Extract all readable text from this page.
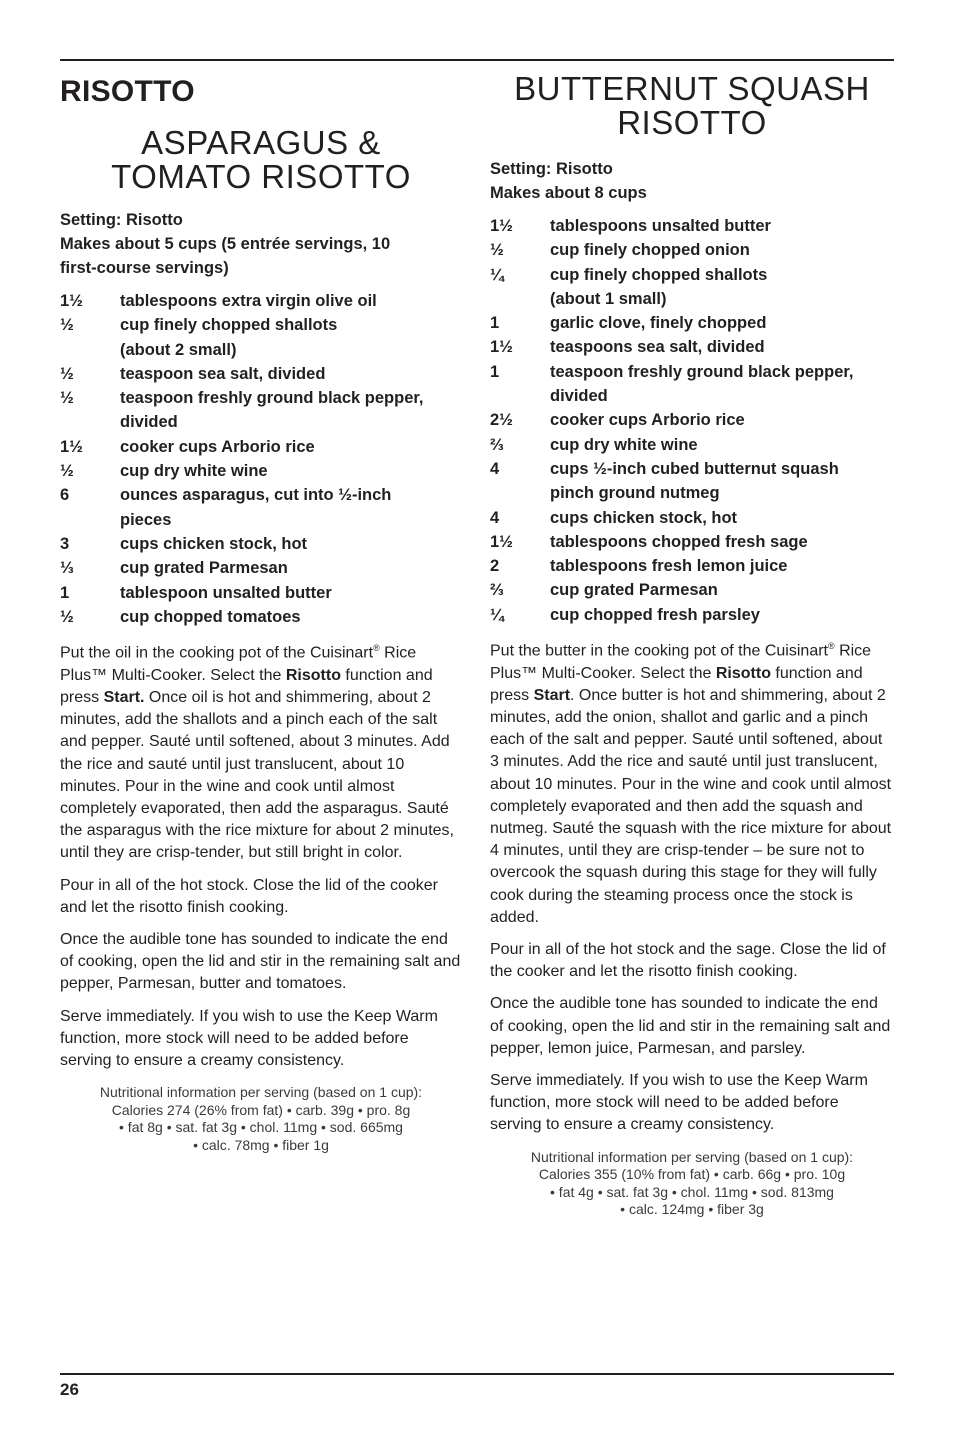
RISOTTO
ASPARAGUS & TOMATO RISOTTO
Setting: Risotto
Makes about 5 cups (5 entrée servings, 10 first-course servings)
1½	tablespoons extra virgin olive oil
½	cup finely chopped shallots (about 2 small)
½	teaspoon sea salt, divided
½	teaspoon freshly ground black pepper, divided
1½	cooker cups Arborio rice
½	cup dry white wine
6	ounces asparagus, cut into ½-inch pieces
3	cups chicken stock, hot
⅓	cup grated Parmesan
1	tablespoon unsalted butter
½	cup chopped tomatoes

Put the oil in the cooking pot of the Cuisinart® Rice Plus™ Multi-Cooker. Select the Risotto function and press Start. Once oil is hot and shimmering, about 2 minutes, add the shallots and a pinch each of the salt and pepper. Sauté until softened, about 3 minutes. Add the rice and sauté until just translucent, about 10 minutes. Pour in the wine and cook until almost completely evaporated, then add the asparagus. Sauté the asparagus with the rice mixture for about 2 minutes, until they are crisp-tender, but still bright in color.

Pour in all of the hot stock. Close the lid of the cooker and let the risotto finish cooking.

Once the audible tone has sounded to indicate the end of cooking, open the lid and stir in the remaining salt and pepper, Parmesan, butter and tomatoes.

Serve immediately. If you wish to use the Keep Warm function, more stock will need to be added before serving to ensure a creamy consistency.

Nutritional information per serving (based on 1 cup):
Calories 274 (26% from fat) • carb. 39g • pro. 8g
• fat 8g • sat. fat 3g • chol. 11mg • sod. 665mg
• calc. 78mg • fiber 1g
BUTTERNUT SQUASH RISOTTO
Setting: Risotto
Makes about 8 cups
1½	tablespoons unsalted butter
½	cup finely chopped onion
¼	cup finely chopped shallots (about 1 small)
1	garlic clove, finely chopped
1½	teaspoons sea salt, divided
1	teaspoon freshly ground black pepper, divided
2½	cooker cups Arborio rice
⅔	cup dry white wine
4	cups ½-inch cubed butternut squash
pinch ground nutmeg
4	cups chicken stock, hot
1½	tablespoons chopped fresh sage
2	tablespoons fresh lemon juice
⅔	cup grated Parmesan
¼	cup chopped fresh parsley

Put the butter in the cooking pot of the Cuisinart® Rice Plus™ Multi-Cooker. Select the Risotto function and press Start. Once butter is hot and shimmering, about 2 minutes, add the onion, shallot and garlic and a pinch each of the salt and pepper. Sauté until softened, about 3 minutes. Add the rice and sauté until just translucent, about 10 minutes. Pour in the wine and cook until almost completely evaporated and then add the squash and nutmeg. Sauté the squash with the rice mixture for about 4 minutes, until they are crisp-tender – be sure not to overcook the squash during this stage for they will fully cook during the steaming process once the stock is added.

Pour in all of the hot stock and the sage. Close the lid of the cooker and let the risotto finish cooking.

Once the audible tone has sounded to indicate the end of cooking, open the lid and stir in the remaining salt and pepper, lemon juice, Parmesan, and parsley.

Serve immediately. If you wish to use the Keep Warm function, more stock will need to be added before serving to ensure a creamy consistency.

Nutritional information per serving (based on 1 cup):
Calories 355 (10% from fat) • carb. 66g • pro. 10g
• fat 4g • sat. fat 3g • chol. 11mg • sod. 813mg
• calc. 124mg • fiber 3g
26
